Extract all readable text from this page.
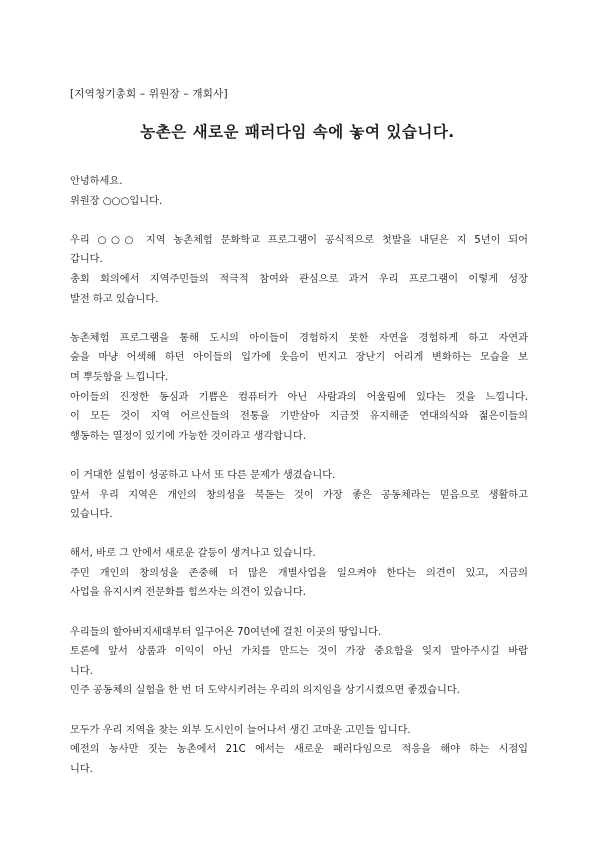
[지역청기총회 – 위원장 – 개회사]
농촌은 새로운 패러다임 속에 놓여 있습니다.
안녕하세요.
위원장 ○○○입니다.
우리 ○○○ 지역 농촌체험 문화학교 프로그램이 공식적으로 첫발을 내딛은 지 5년이 되어
갑니다.
총회 회의에서 지역주민들의 적극적 참여와 관심으로 과거 우리 프로그램이 이렇게 성장
발전 하고 있습니다.
농촌체험 프로그램을 통해 도시의 아이들이 경험하지 못한 자연을 경험하게 하고 자연과
숲을 마냥 어색해 하던 아이들의 입가에 웃음이 번지고 장난기 어리게 변화하는 모습을 보
며 뿌듯함을 느낍니다.
아이들의 진정한 동심과 기쁨은 컴퓨터가 아닌 사람과의 어울림에 있다는 것을 느낍니다.
이 모든 것이 지역 어르신들의 전통을 기반삼아 지금껏 유지해준 연대의식와 젊은이들의
행동하는 열정이 있기에 가능한 것이라고 생각합니다.
이 거대한 실험이 성공하고 나서 또 다른 문제가 생겼습니다.
앞서 우리 지역은 개인의 창의성을 북돋는 것이 가장 좋은 공동체라는 믿음으로 생활하고
있습니다.
해서, 바로 그 안에서 새로운 갈등이 생겨나고 있습니다.
주민 개인의 창의성을 존중해 더 많은 개별사업을 일으켜야 한다는 의견이 있고, 지금의
사업을 유지시켜 전문화를 힘쓰자는 의견이 있습니다.
우리들의 할아버지세대부터 일구어온 70여년에 걸친 이곳의 땅입니다.
토론에 앞서 상품과 이익이 아닌 가치를 만드는 것이 가장 중요함을 잊지 말아주시길 바랍
니다.
민주 공동체의 실험을 한 번 더 도약시키려는 우리의 의지임을 상기시켰으면 좋겠습니다.
모두가 우리 지역을 찾는 외부 도시인이 늘어나서 생긴 고마운 고민들 입니다.
예전의 농사만 짓는 농촌에서 21C 에서는 새로운 패러다임으로 적응을 해야 하는 시점입
니다.
